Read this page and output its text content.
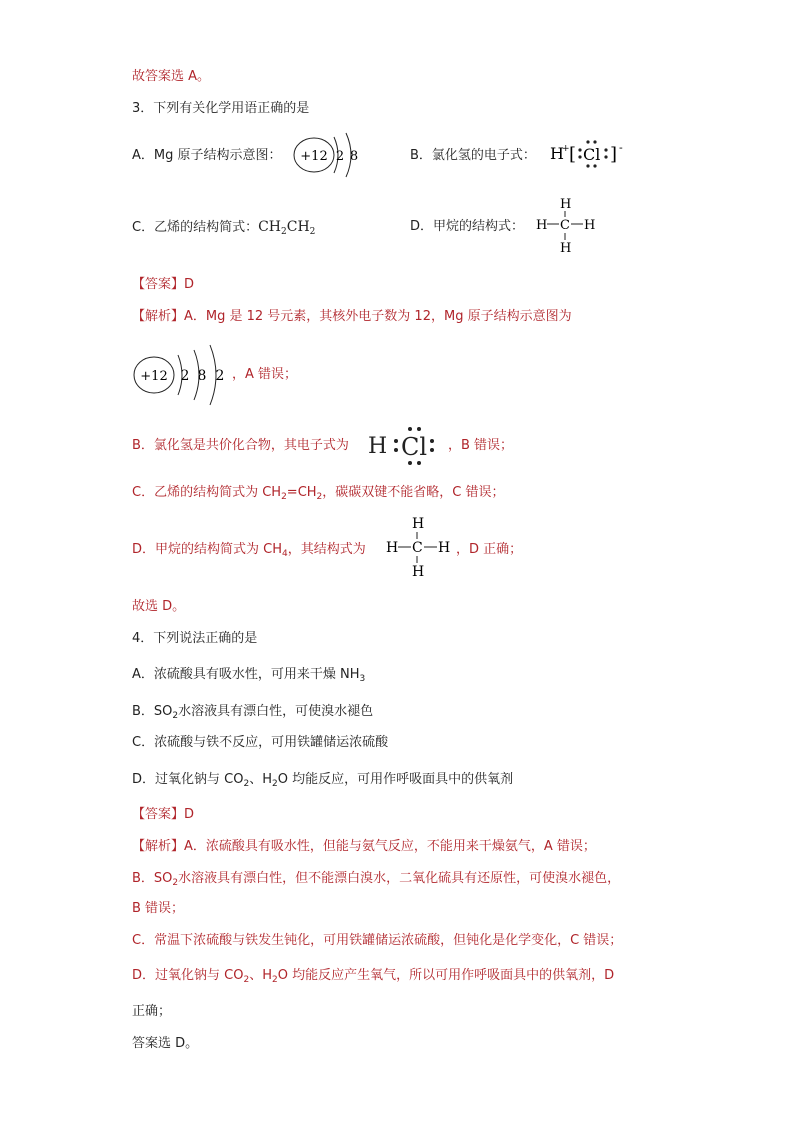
故答案选 A。
3．下列有关化学用语正确的是
A．Mg 原子结构示意图： +12 2 8	B．氯化氢的电子式： H
+ [ Cl ] -
C．乙烯的结构简式：$CH_2CH_2$	D．甲烷的结构式：
H
H C H
H
【答案】D
【解析】A．Mg 是 12 号元素，其核外电子数为 12，Mg 原子结构示意图为
+12 2 8 2 ，A 错误；
B．氯化氢是共价化合物，其电子式为 H Cl ，B 错误；
C．乙烯的结构简式为 $CH_2=CH_2$，碳碳双键不能省略，C 错误；
D．甲烷的结构简式为 $CH_4$，其结构式为
H
H C H
H
，D 正确；
故选 D。
4．下列说法正确的是
A．浓硫酸具有吸水性，可用来干燥 $NH_3$
B．$SO_2$水溶液具有漂白性，可使溴水褪色
C．浓硫酸与铁不反应，可用铁罐储运浓硫酸
D．过氧化钠与 $CO_2$、$H_2O$ 均能反应，可用作呼吸面具中的供氧剂
【答案】D
【解析】A．浓硫酸具有吸水性，但能与氨气反应，不能用来干燥氨气，A 错误；
B．$SO_2$水溶液具有漂白性，但不能漂白溴水，二氧化硫具有还原性，可使溴水褪色，
B 错误；
C．常温下浓硫酸与铁发生钝化，可用铁罐储运浓硫酸，但钝化是化学变化，C 错误；
D．过氧化钠与 $CO_2$、$H_2O$ 均能反应产生氧气，所以可用作呼吸面具中的供氧剂，D
正确；
答案选 D。
